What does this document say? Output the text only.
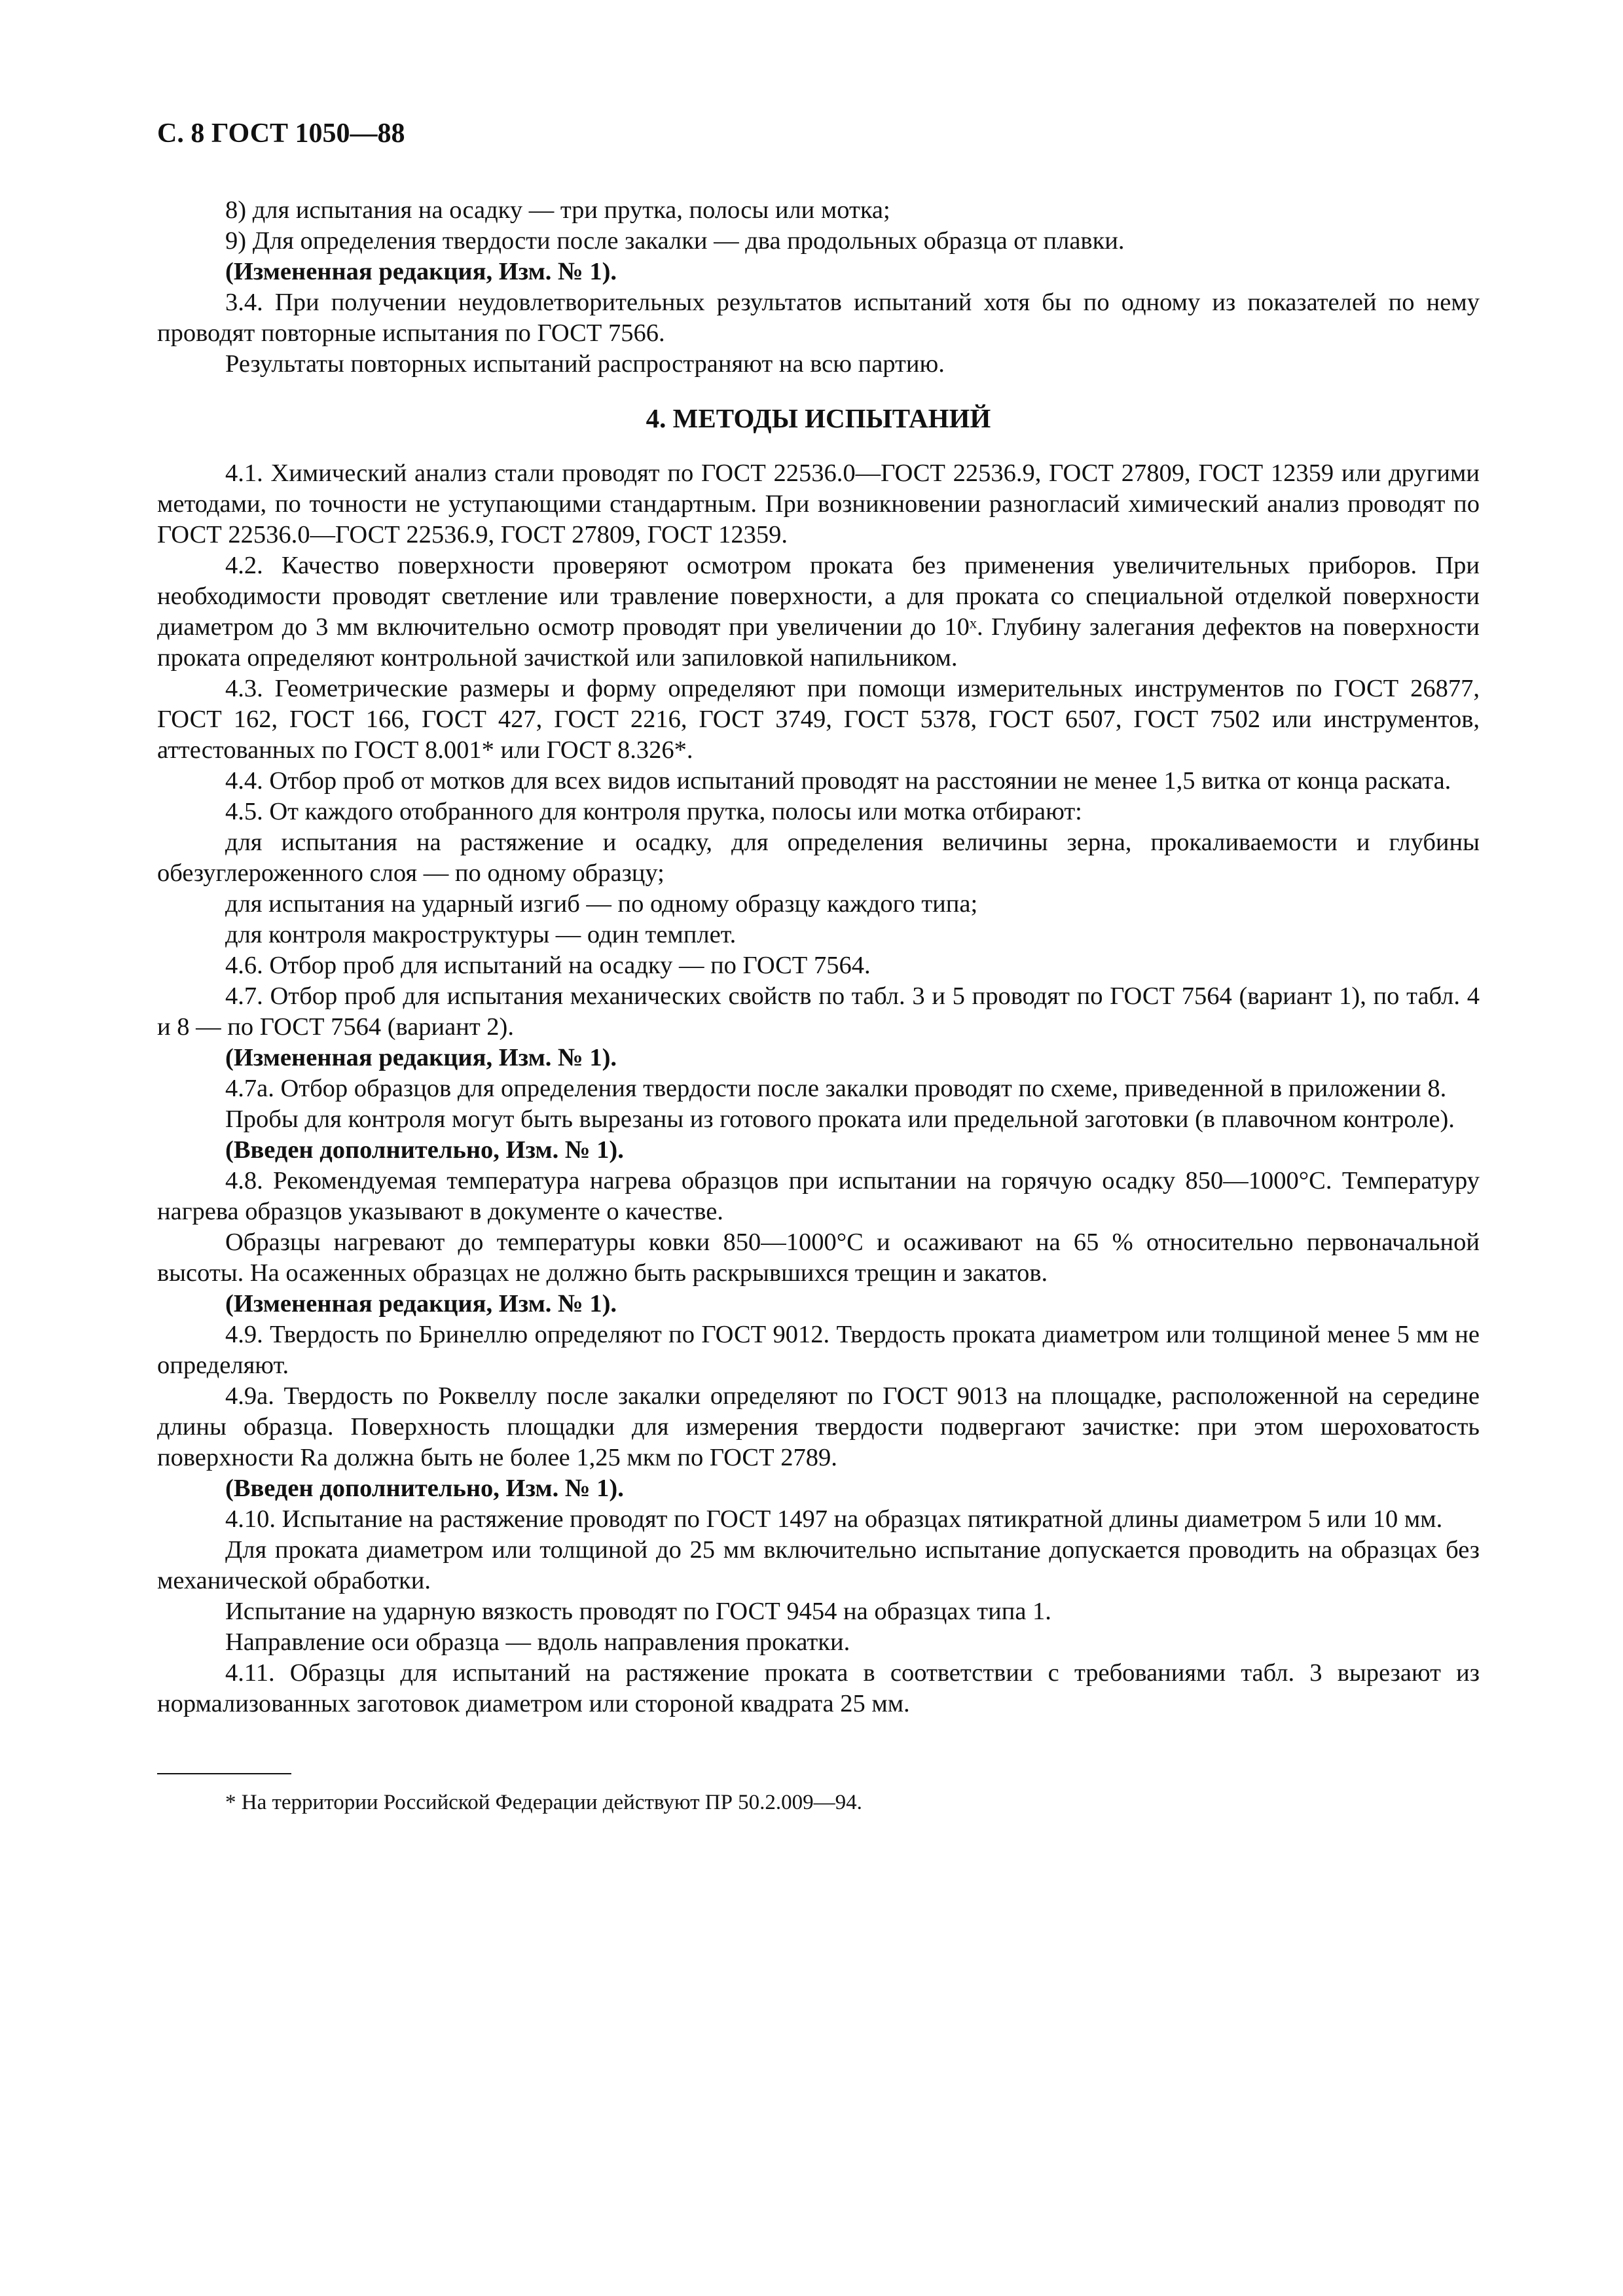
С. 8 ГОСТ 1050—88

8) для испытания на осадку — три прутка, полосы или мотка;

9) Для определения твердости после закалки — два продольных образца от плавки.

(Измененная редакция, Изм. № 1).

3.4. При получении неудовлетворительных результатов испытаний хотя бы по одному из показателей по нему проводят повторные испытания по ГОСТ 7566.

Результаты повторных испытаний распространяют на всю партию.

4. МЕТОДЫ ИСПЫТАНИЙ

4.1. Химический анализ стали проводят по ГОСТ 22536.0—ГОСТ 22536.9, ГОСТ 27809, ГОСТ 12359 или другими методами, по точности не уступающими стандартным. При возникновении разногласий химический анализ проводят по ГОСТ 22536.0—ГОСТ 22536.9, ГОСТ 27809, ГОСТ 12359.

4.2. Качество поверхности проверяют осмотром проката без применения увеличительных приборов. При необходимости проводят светление или травление поверхности, а для проката со специальной отделкой поверхности диаметром до 3 мм включительно осмотр проводят при увеличении до 10ˣ. Глубину залегания дефектов на поверхности проката определяют контрольной зачисткой или запиловкой напильником.

4.3. Геометрические размеры и форму определяют при помощи измерительных инструментов по ГОСТ 26877, ГОСТ 162, ГОСТ 166, ГОСТ 427, ГОСТ 2216, ГОСТ 3749, ГОСТ 5378, ГОСТ 6507, ГОСТ 7502 или инструментов, аттестованных по ГОСТ 8.001* или ГОСТ 8.326*.

4.4. Отбор проб от мотков для всех видов испытаний проводят на расстоянии не менее 1,5 витка от конца раската.

4.5. От каждого отобранного для контроля прутка, полосы или мотка отбирают:

для испытания на растяжение и осадку, для определения величины зерна, прокаливаемости и глубины обезуглероженного слоя — по одному образцу;

для испытания на ударный изгиб — по одному образцу каждого типа;

для контроля макроструктуры — один темплет.

4.6. Отбор проб для испытаний на осадку — по ГОСТ 7564.

4.7. Отбор проб для испытания механических свойств по табл. 3 и 5 проводят по ГОСТ 7564 (вариант 1), по табл. 4 и 8 — по ГОСТ 7564 (вариант 2).

(Измененная редакция, Изм. № 1).

4.7а. Отбор образцов для определения твердости после закалки проводят по схеме, приведенной в приложении 8.

Пробы для контроля могут быть вырезаны из готового проката или предельной заготовки (в плавочном контроле).

(Введен дополнительно, Изм. № 1).

4.8. Рекомендуемая температура нагрева образцов при испытании на горячую осадку 850—1000°С. Температуру нагрева образцов указывают в документе о качестве.

Образцы нагревают до температуры ковки 850—1000°С и осаживают на 65 % относительно первоначальной высоты. На осаженных образцах не должно быть раскрывшихся трещин и закатов.

(Измененная редакция, Изм. № 1).

4.9. Твердость по Бринеллю определяют по ГОСТ 9012. Твердость проката диаметром или толщиной менее 5 мм не определяют.

4.9а. Твердость по Роквеллу после закалки определяют по ГОСТ 9013 на площадке, расположенной на середине длины образца. Поверхность площадки для измерения твердости подвергают зачистке: при этом шероховатость поверхности Ra должна быть не более 1,25 мкм по ГОСТ 2789.

(Введен дополнительно, Изм. № 1).

4.10. Испытание на растяжение проводят по ГОСТ 1497 на образцах пятикратной длины диаметром 5 или 10 мм.

Для проката диаметром или толщиной до 25 мм включительно испытание допускается проводить на образцах без механической обработки.

Испытание на ударную вязкость проводят по ГОСТ 9454 на образцах типа 1.

Направление оси образца — вдоль направления прокатки.

4.11. Образцы для испытаний на растяжение проката в соответствии с требованиями табл. 3 вырезают из нормализованных заготовок диаметром или стороной квадрата 25 мм.

* На территории Российской Федерации действуют ПР 50.2.009—94.
